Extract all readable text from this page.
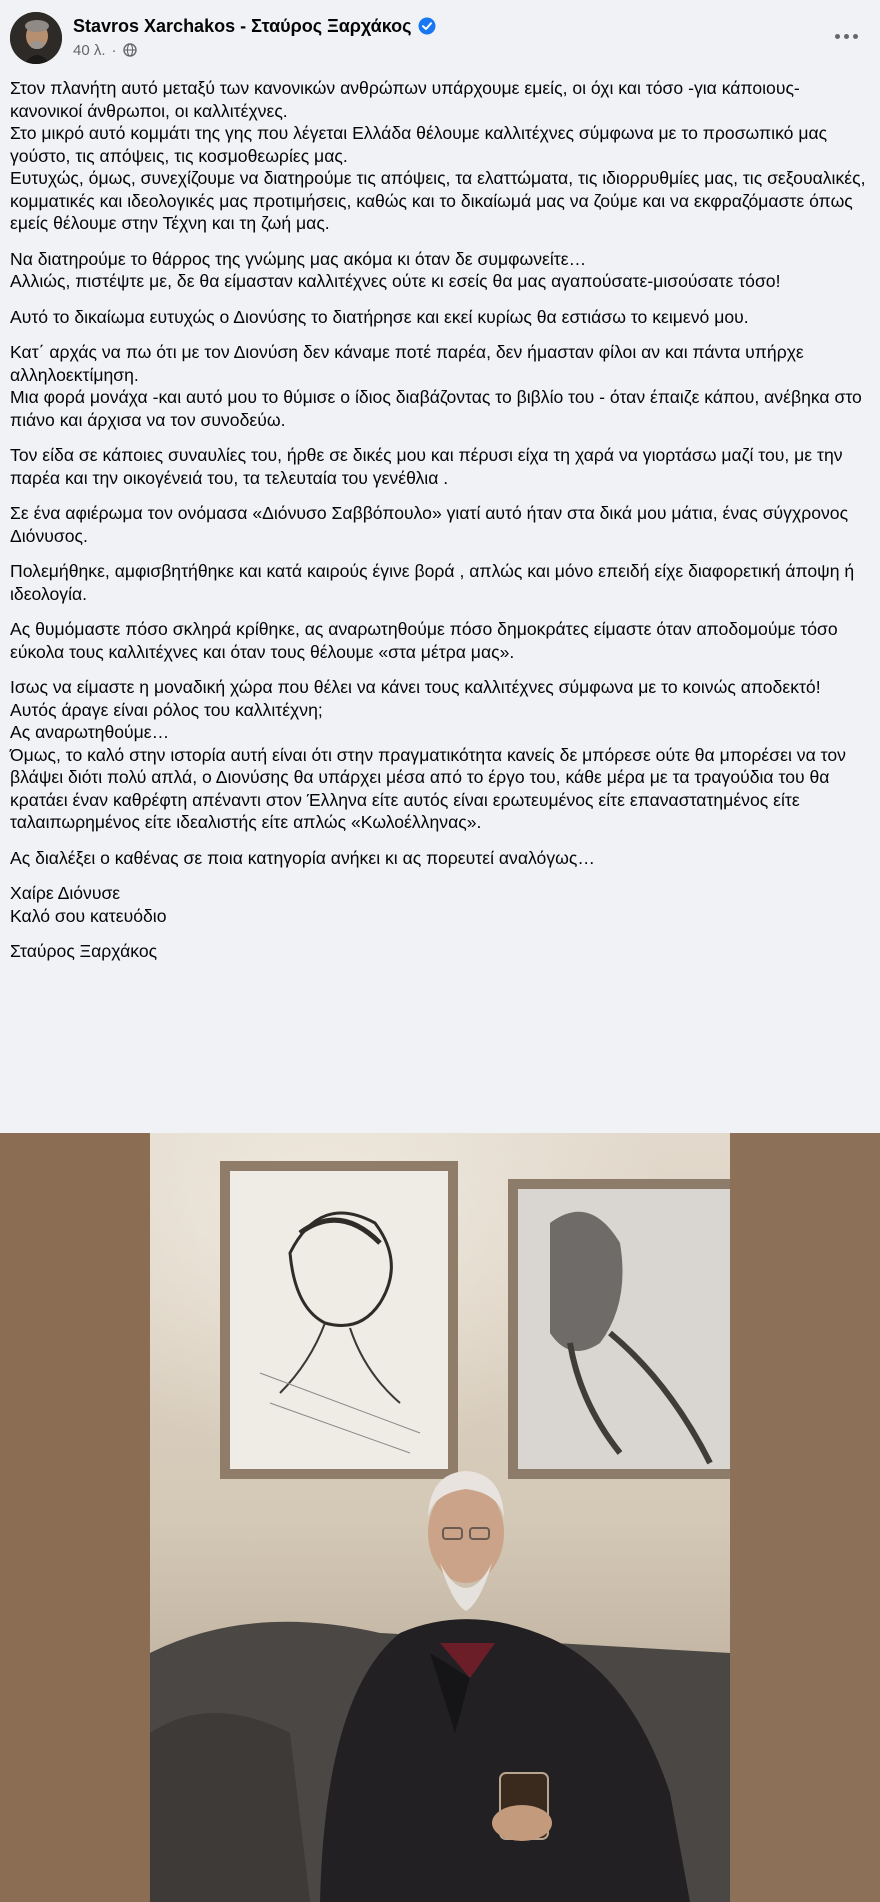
Stavros Xarchakos - Σταύρος Ξαρχάκος
40 λ. ·

Στον πλανήτη αυτό μεταξύ των κανονικών ανθρώπων υπάρχουμε εμείς, οι όχι και τόσο -για κάποιους- κανονικοί άνθρωποι, οι καλλιτέχνες.
Στο μικρό αυτό κομμάτι της γης που λέγεται Ελλάδα θέλουμε καλλιτέχνες σύμφωνα με το προσωπικό μας γούστο, τις απόψεις, τις κοσμοθεωρίες μας.
Ευτυχώς, όμως, συνεχίζουμε να διατηρούμε τις απόψεις, τα ελαττώματα, τις ιδιορρυθμίες μας, τις σεξουαλικές, κομματικές και ιδεολογικές μας προτιμήσεις, καθώς και το δικαίωμά μας να ζούμε και να εκφραζόμαστε όπως εμείς θέλουμε στην Τέχνη και τη ζωή μας.

Να διατηρούμε το θάρρος της γνώμης μας ακόμα κι όταν δε συμφωνείτε…
Αλλιώς, πιστέψτε με, δε θα είμασταν καλλιτέχνες ούτε κι εσείς θα μας αγαπούσατε-μισούσατε τόσο!

Αυτό το δικαίωμα ευτυχώς ο Διονύσης το διατήρησε και εκεί κυρίως θα εστιάσω το κειμενό μου.

Κατ΄ αρχάς να πω ότι με τον Διονύση δεν κάναμε ποτέ παρέα, δεν ήμασταν φίλοι αν και πάντα υπήρχε αλληλοεκτίμηση.
Μια φορά μονάχα -και αυτό μου το θύμισε ο ίδιος διαβάζοντας το βιβλίο του - όταν έπαιζε κάπου, ανέβηκα στο πιάνο και άρχισα να τον συνοδεύω.

Τον είδα σε κάποιες συναυλίες του, ήρθε σε δικές μου και πέρυσι είχα τη χαρά να γιορτάσω μαζί του, με την παρέα και την οικογένειά του, τα τελευταία του γενέθλια .

Σε ένα αφιέρωμα τον ονόμασα «Διόνυσο Σαββόπουλο» γιατί αυτό ήταν στα δικά μου μάτια, ένας σύγχρονος Διόνυσος.

Πολεμήθηκε, αμφισβητήθηκε και κατά καιρούς έγινε βορά , απλώς και μόνο επειδή είχε διαφορετική άποψη ή ιδεολογία.

Ας θυμόμαστε πόσο σκληρά κρίθηκε, ας αναρωτηθούμε πόσο δημοκράτες είμαστε όταν αποδομούμε τόσο εύκολα τους καλλιτέχνες και όταν τους θέλουμε «στα μέτρα μας».

Ισως να είμαστε η μοναδική χώρα που θέλει να κάνει τους καλλιτέχνες σύμφωνα με το κοινώς αποδεκτό!
Αυτός άραγε είναι ρόλος του καλλιτέχνη;
Ας αναρωτηθούμε…
Όμως, το καλό στην ιστορία αυτή είναι ότι στην πραγματικότητα κανείς δε μπόρεσε ούτε θα μπορέσει να τον βλάψει διότι πολύ απλά, ο Διονύσης θα υπάρχει μέσα από το έργο του, κάθε μέρα με τα τραγούδια του θα κρατάει έναν καθρέφτη απέναντι στον Έλληνα είτε αυτός είναι ερωτευμένος είτε επαναστατημένος είτε ταλαιπωρημένος είτε ιδεαλιστής είτε απλώς «Κωλοέλληνας».

Ας διαλέξει ο καθένας σε ποια κατηγορία ανήκει κι ας πορευτεί αναλόγως…

Χαίρε Διόνυσε
Καλό σου κατευόδιο

Σταύρος Ξαρχάκος
